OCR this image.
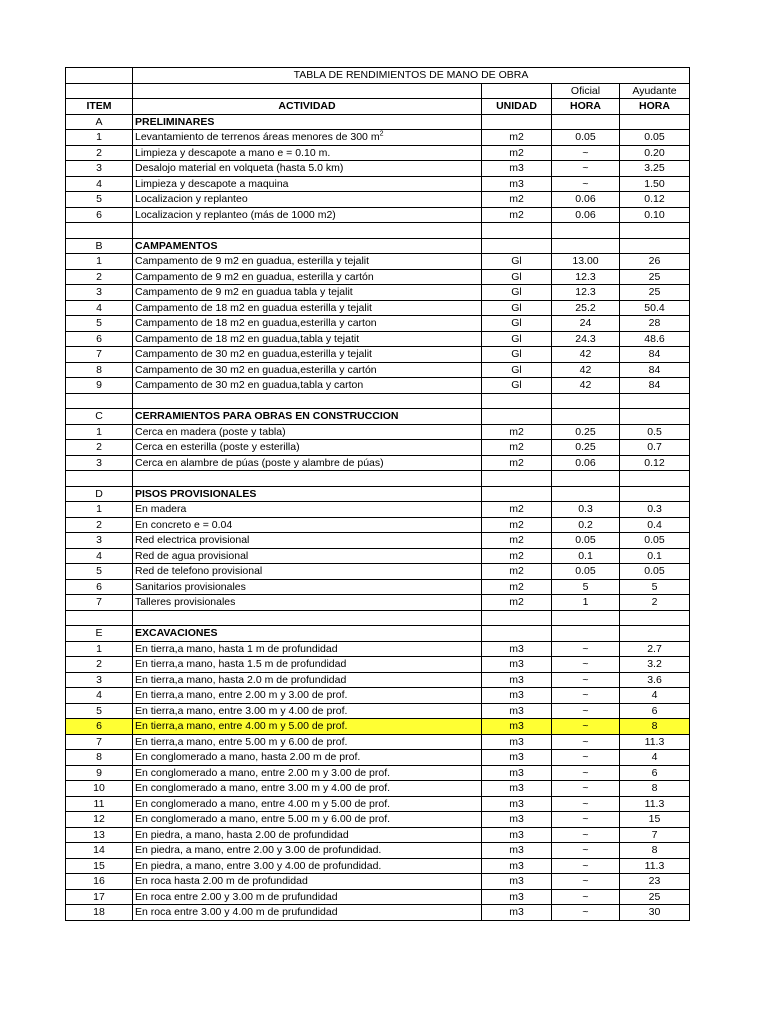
	TABLA DE RENDIMIENTOS DE MANO DE OBRA			
			Oficial	Ayudante
ITEM	ACTIVIDAD	UNIDAD	HORA	HORA
A	PRELIMINARES			
1	Levantamiento de terrenos áreas menores de 300 $m^2$	m2	0.05	0.05
2	Limpieza y descapote a mano e = 0.10 m.	m2	~	0.20
3	Desalojo material en volqueta (hasta 5.0 km)	m3	~	3.25
4	Limpieza y descapote a maquina	m3	~	1.50
5	Localizacion y replanteo	m2	0.06	0.12
6	Localizacion y replanteo (más de 1000 m2)	m2	0.06	0.10

B	CAMPAMENTOS			
1	Campamento de 9 m2 en guadua, esterilla y tejalit	Gl	13.00	26
2	Campamento de 9 m2 en guadua, esterilla y cartón	Gl	12.3	25
3	Campamento de 9 m2 en guadua tabla y tejalit	Gl	12.3	25
4	Campamento de 18 m2 en guadua esterilla y tejalit	Gl	25.2	50.4
5	Campamento de 18 m2 en guadua,esterilla y carton	Gl	24	28
6	Campamento de 18 m2 en guadua,tabla y tejatit	Gl	24.3	48.6
7	Campamento de 30 m2 en guadua,esterilla y tejalit	Gl	42	84
8	Campamento de 30 m2 en guadua,esterilla y cartón	Gl	42	84
9	Campamento de 30 m2 en guadua,tabla y carton	Gl	42	84

C	CERRAMIENTOS PARA OBRAS EN CONSTRUCCION			
1	Cerca en madera (poste y tabla)	m2	0.25	0.5
2	Cerca en esterilla (poste y esterilla)	m2	0.25	0.7
3	Cerca en alambre de púas (poste y alambre de púas)	m2	0.06	0.12

D	PISOS PROVISIONALES			
1	En madera	m2	0.3	0.3
2	En concreto e = 0.04	m2	0.2	0.4
3	Red electrica provisional	m2	0.05	0.05
4	Red de agua provisional	m2	0.1	0.1
5	Red de telefono provisional	m2	0.05	0.05
6	Sanitarios provisionales	m2	5	5
7	Talleres provisionales	m2	1	2

E	EXCAVACIONES			
1	En tierra,a mano, hasta 1 m de profundidad	m3	~	2.7
2	En tierra,a mano, hasta 1.5 m de profundidad	m3	~	3.2
3	En tierra,a mano, hasta 2.0 m de profundidad	m3	~	3.6
4	En tierra,a mano, entre 2.00 m y 3.00 de prof.	m3	~	4
5	En tierra,a mano, entre 3.00 m y 4.00 de prof.	m3	~	6
6	En tierra,a mano, entre 4.00 m y 5.00 de prof.	m3	~	8
7	En tierra,a mano, entre 5.00 m y 6.00 de prof.	m3	~	11.3
8	En conglomerado a mano, hasta 2.00 m de prof.	m3	~	4
9	En conglomerado a mano, entre 2.00 m y 3.00 de prof.	m3	~	6
10	En conglomerado a mano, entre 3.00 m y 4.00 de prof.	m3	~	8
11	En conglomerado a mano, entre 4.00 m y 5.00 de prof.	m3	~	11.3
12	En conglomerado a mano, entre 5.00 m y 6.00 de prof.	m3	~	15
13	En piedra, a mano, hasta 2.00 de profundidad	m3	~	7
14	En piedra, a mano, entre 2.00 y 3.00 de profundidad.	m3	~	8
15	En piedra, a mano, entre 3.00 y 4.00 de profundidad.	m3	~	11.3
16	En roca hasta 2.00 m de profundidad	m3	~	23
17	En roca entre 2.00 y 3.00 m de prufundidad	m3	~	25
18	En roca entre 3.00 y 4.00 m de prufundidad	m3	~	30
